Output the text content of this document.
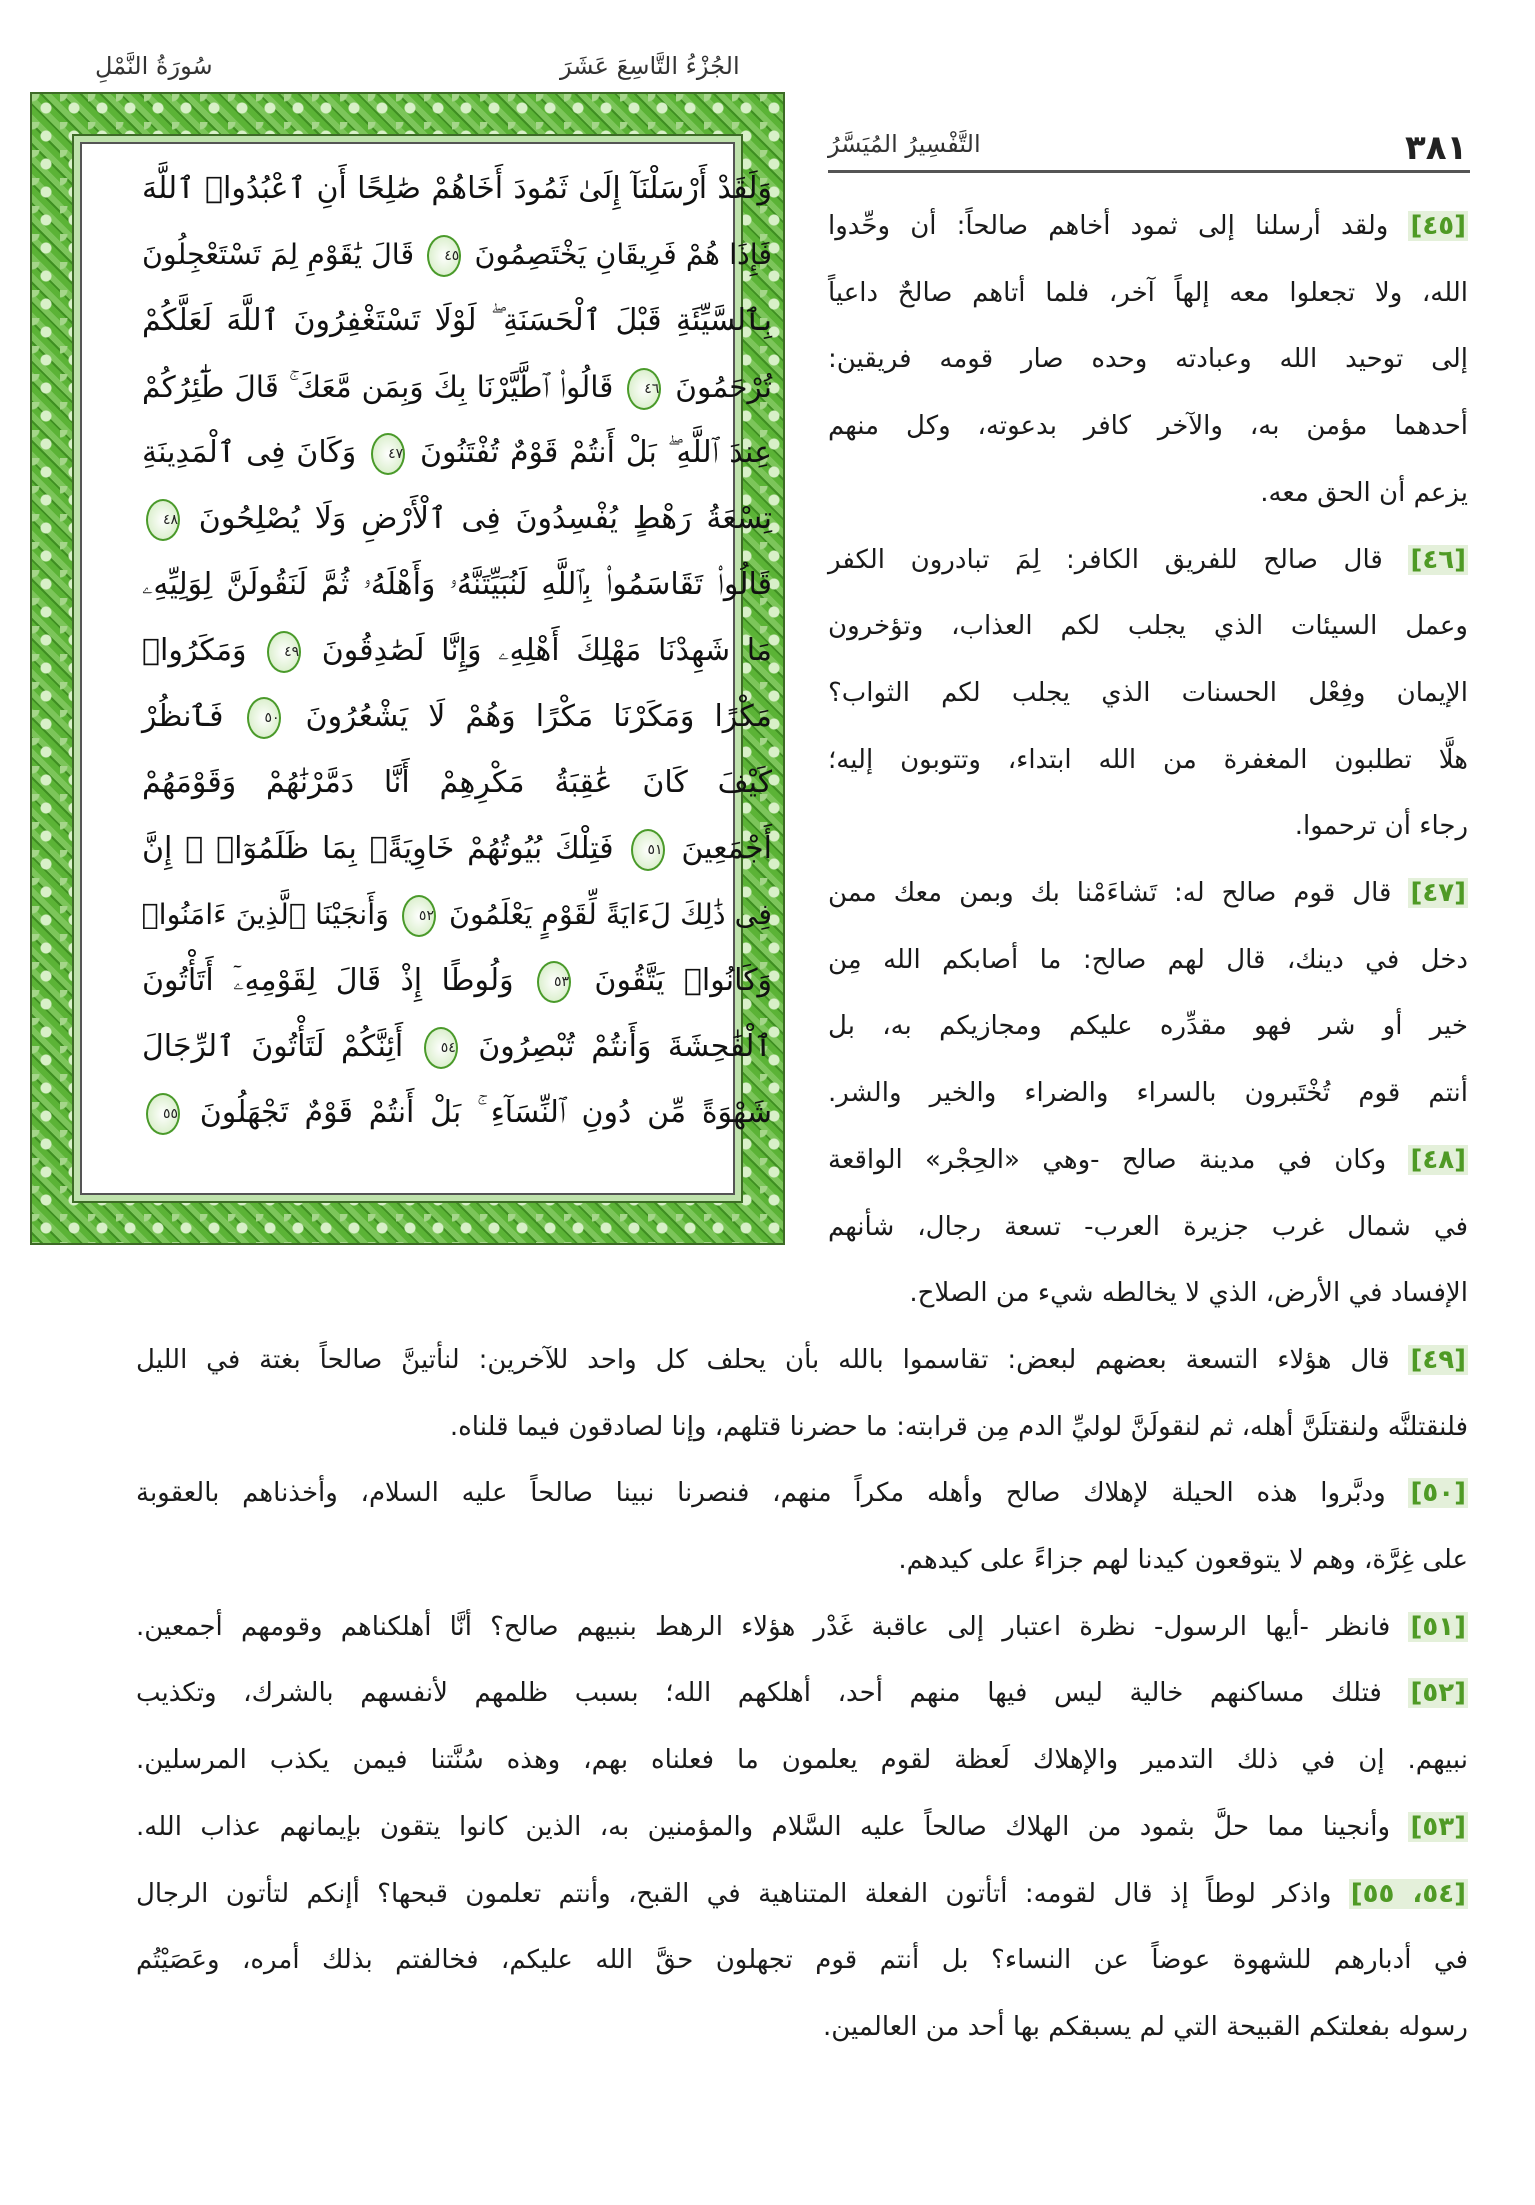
الجُزْءُ التَّاسِعَ عَشَرَ
سُورَةُ النَّمْلِ
وَلَقَدْ أَرْسَلْنَآ إِلَىٰ ثَمُودَ أَخَاهُمْ صَٰلِحًا أَنِ ٱعْبُدُوا۟ ٱللَّهَ
فَإِذَا هُمْ فَرِيقَانِ يَخْتَصِمُونَ ٤٥ قَالَ يَٰقَوْمِ لِمَ تَسْتَعْجِلُونَ
بِٱلسَّيِّئَةِ قَبْلَ ٱلْحَسَنَةِ ۖ لَوْلَا تَسْتَغْفِرُونَ ٱللَّهَ لَعَلَّكُمْ
تُرْحَمُونَ ٤٦ قَالُوا۟ ٱطَّيَّرْنَا بِكَ وَبِمَن مَّعَكَ ۚ قَالَ طَٰٓئِرُكُمْ
عِندَ ٱللَّهِ ۖ بَلْ أَنتُمْ قَوْمٌ تُفْتَنُونَ ٤٧ وَكَانَ فِى ٱلْمَدِينَةِ
تِسْعَةُ رَهْطٍ يُفْسِدُونَ فِى ٱلْأَرْضِ وَلَا يُصْلِحُونَ ٤٨
قَالُوا۟ تَقَاسَمُوا۟ بِٱللَّهِ لَنُبَيِّتَنَّهُۥ وَأَهْلَهُۥ ثُمَّ لَنَقُولَنَّ لِوَلِيِّهِۦ
مَا شَهِدْنَا مَهْلِكَ أَهْلِهِۦ وَإِنَّا لَصَٰدِقُونَ ٤٩ وَمَكَرُوا۟
مَكْرًا وَمَكَرْنَا مَكْرًا وَهُمْ لَا يَشْعُرُونَ ٥٠ فَٱنظُرْ
كَيْفَ كَانَ عَٰقِبَةُ مَكْرِهِمْ أَنَّا دَمَّرْنَٰهُمْ وَقَوْمَهُمْ
أَجْمَعِينَ ٥١ فَتِلْكَ بُيُوتُهُمْ خَاوِيَةًۢ بِمَا ظَلَمُوٓا۟ ۚ إِنَّ
فِى ذَٰلِكَ لَءَايَةً لِّقَوْمٍ يَعْلَمُونَ ٥٢ وَأَنجَيْنَا ٱلَّذِينَ ءَامَنُوا۟
وَكَانُوا۟ يَتَّقُونَ ٥٣ وَلُوطًا إِذْ قَالَ لِقَوْمِهِۦٓ أَتَأْتُونَ
ٱلْفَٰحِشَةَ وَأَنتُمْ تُبْصِرُونَ ٥٤ أَئِنَّكُمْ لَتَأْتُونَ ٱلرِّجَالَ
شَهْوَةً مِّن دُونِ ٱلنِّسَآءِ ۚ بَلْ أَنتُمْ قَوْمٌ تَجْهَلُونَ ٥٥
٣٨١
التَّفْسِيرُ المُيَسَّرُ
[٤٥] ولقد أرسلنا إلى ثمود أخاهم صالحاً: أن وحِّدوا
الله، ولا تجعلوا معه إلهاً آخر، فلما أتاهم صالحٌ داعياً
إلى توحيد الله وعبادته وحده صار قومه فريقين:
أحدهما مؤمن به، والآخر كافر بدعوته، وكل منهم
يزعم أن الحق معه.
[٤٦] قال صالح للفريق الكافر: لِمَ تبادرون الكفر
وعمل السيئات الذي يجلب لكم العذاب، وتؤخرون
الإيمان وفِعْل الحسنات الذي يجلب لكم الثواب؟
هلَّا تطلبون المغفرة من الله ابتداء، وتتوبون إليه؛
رجاء أن ترحموا.
[٤٧] قال قوم صالح له: تَشاءَمْنا بك وبمن معك ممن
دخل في دينك، قال لهم صالح: ما أصابكم الله مِن
خير أو شر فهو مقدِّره عليكم ومجازيكم به، بل
أنتم قوم تُخْتَبرون بالسراء والضراء والخير والشر.
[٤٨] وكان في مدينة صالح -وهي «الحِجْر» الواقعة
في شمال غرب جزيرة العرب- تسعة رجال، شأنهم
الإفساد في الأرض، الذي لا يخالطه شيء من الصلاح.
[٤٩] قال هؤلاء التسعة بعضهم لبعض: تقاسموا بالله بأن يحلف كل واحد للآخرين: لنأتينَّ صالحاً بغتة في الليل
فلنقتلنَّه ولنقتلَنَّ أهله، ثم لنقولَنَّ لوليِّ الدم مِن قرابته: ما حضرنا قتلهم، وإنا لصادقون فيما قلناه.
[٥٠] ودبَّروا هذه الحيلة لإهلاك صالح وأهله مكراً منهم، فنصرنا نبينا صالحاً عليه السلام، وأخذناهم بالعقوبة
على غِرَّة، وهم لا يتوقعون كيدنا لهم جزاءً على كيدهم.
[٥١] فانظر -أيها الرسول- نظرة اعتبار إلى عاقبة غَدْر هؤلاء الرهط بنبيهم صالح؟ أنَّا أهلكناهم وقومهم أجمعين.
[٥٢] فتلك مساكنهم خالية ليس فيها منهم أحد، أهلكهم الله؛ بسبب ظلمهم لأنفسهم بالشرك، وتكذيب
نبيهم. إن في ذلك التدمير والإهلاك لَعظة لقوم يعلمون ما فعلناه بهم، وهذه سُنَّتنا فيمن يكذب المرسلين.
[٥٣] وأنجينا مما حلَّ بثمود من الهلاك صالحاً عليه السَّلام والمؤمنين به، الذين كانوا يتقون بإيمانهم عذاب الله.
[٥٤، ٥٥] واذكر لوطاً إذ قال لقومه: أتأتون الفعلة المتناهية في القبح، وأنتم تعلمون قبحها؟ أإنكم لتأتون الرجال
في أدبارهم للشهوة عوضاً عن النساء؟ بل أنتم قوم تجهلون حقَّ الله عليكم، فخالفتم بذلك أمره، وعَصَيْتُم
رسوله بفعلتكم القبيحة التي لم يسبقكم بها أحد من العالمين.
